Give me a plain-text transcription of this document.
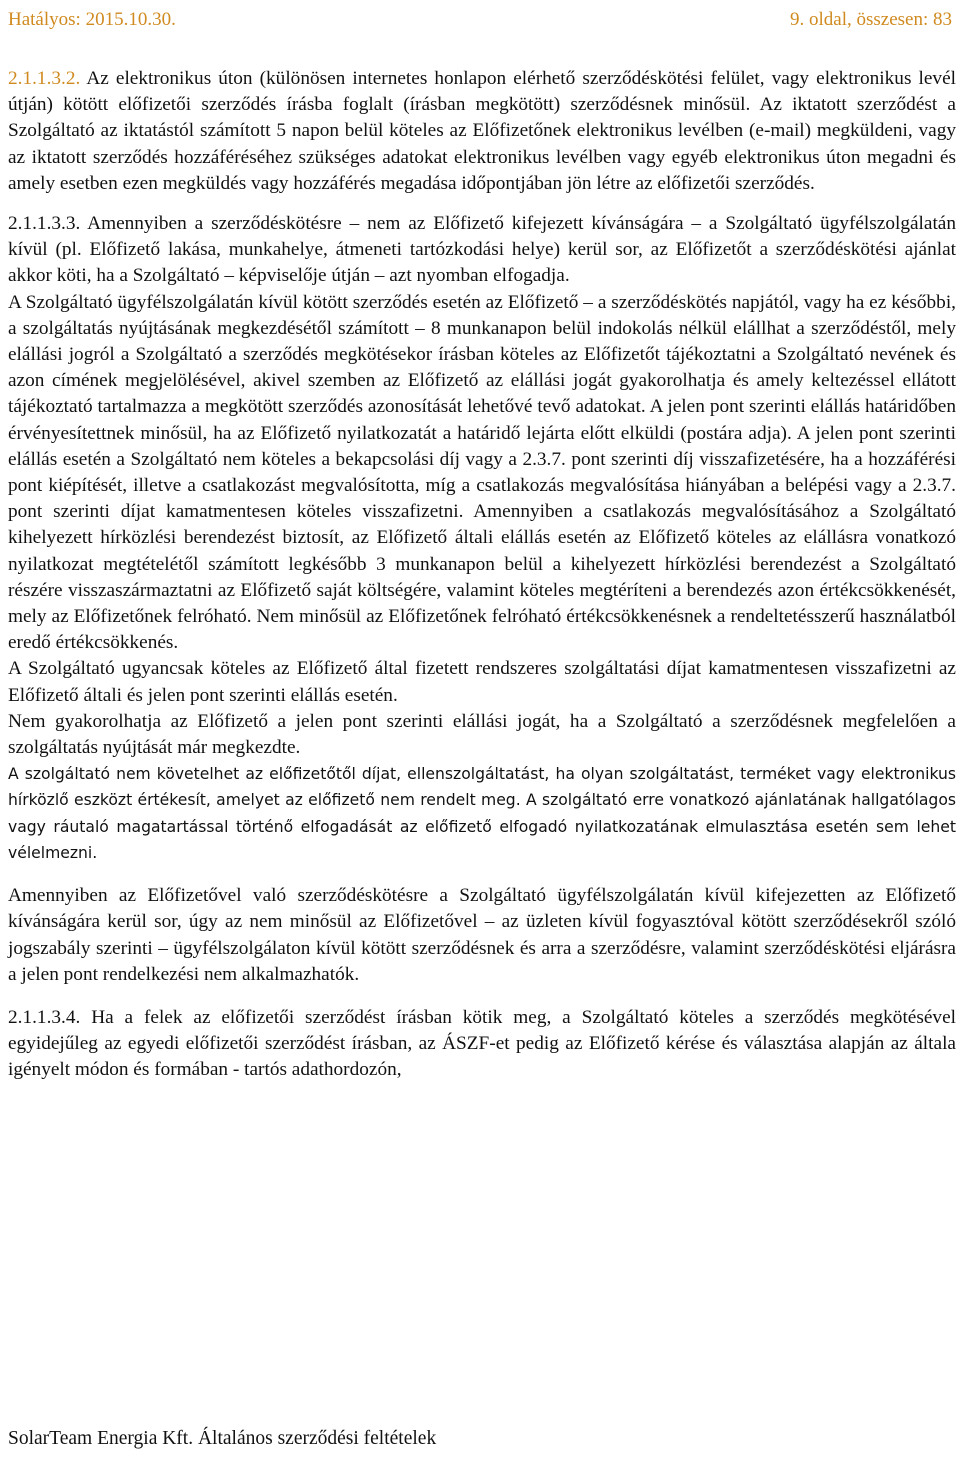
Hatályos: 2015.10.30.	9. oldal, összesen: 83

2.1.1.3.2. Az elektronikus úton (különösen internetes honlapon elérhető szerződéskötési felület, vagy elektronikus levél útján) kötött előfizetői szerződés írásba foglalt (írásban megkötött) szerződésnek minősül. Az iktatott szerződést a Szolgáltató az iktatástól számított 5 napon belül köteles az Előfizetőnek elektronikus levélben (e-mail) megküldeni, vagy az iktatott szerződés hozzáféréséhez szükséges adatokat elektronikus levélben vagy egyéb elektronikus úton megadni és amely esetben ezen megküldés vagy hozzáférés megadása időpontjában jön létre az előfizetői szerződés.

2.1.1.3.3. Amennyiben a szerződéskötésre – nem az Előfizető kifejezett kívánságára – a Szolgáltató ügyfélszolgálatán kívül (pl. Előfizető lakása, munkahelye, átmeneti tartózkodási helye) kerül sor, az Előfizetőt a szerződéskötési ajánlat akkor köti, ha a Szolgáltató – képviselője útján – azt nyomban elfogadja.

A Szolgáltató ügyfélszolgálatán kívül kötött szerződés esetén az Előfizető – a szerződéskötés napjától, vagy ha ez későbbi, a szolgáltatás nyújtásának megkezdésétől számított – 8 munkanapon belül indokolás nélkül elállhat a szerződéstől, mely elállási jogról a Szolgáltató a szerződés megkötésekor írásban köteles az Előfizetőt tájékoztatni a Szolgáltató nevének és azon címének megjelölésével, akivel szemben az Előfizető az elállási jogát gyakorolhatja és amely keltezéssel ellátott tájékoztató tartalmazza a megkötött szerződés azonosítását lehetővé tevő adatokat. A jelen pont szerinti elállás határidőben érvényesítettnek minősül, ha az Előfizető nyilatkozatát a határidő lejárta előtt elküldi (postára adja). A jelen pont szerinti elállás esetén a Szolgáltató nem köteles a bekapcsolási díj vagy a 2.3.7. pont szerinti díj visszafizetésére, ha a hozzáférési pont kiépítését, illetve a csatlakozást megvalósította, míg a csatlakozás megvalósítása hiányában a belépési vagy a 2.3.7. pont szerinti díjat kamatmentesen köteles visszafizetni. Amennyiben a csatlakozás megvalósításához a Szolgáltató kihelyezett hírközlési berendezést biztosít, az Előfizető általi elállás esetén az Előfizető köteles az elállásra vonatkozó nyilatkozat megtételétől számított legkésőbb 3 munkanapon belül a kihelyezett hírközlési berendezést a Szolgáltató részére visszaszármaztatni az Előfizető saját költségére, valamint köteles megtéríteni a berendezés azon értékcsökkenését, mely az Előfizetőnek felróható. Nem minősül az Előfizetőnek felróható értékcsökkenésnek a rendeltetésszerű használatból eredő értékcsökkenés.

A Szolgáltató ugyancsak köteles az Előfizető által fizetett rendszeres szolgáltatási díjat kamatmentesen visszafizetni az Előfizető általi és jelen pont szerinti elállás esetén.

Nem gyakorolhatja az Előfizető a jelen pont szerinti elállási jogát, ha a Szolgáltató a szerződésnek megfelelően a szolgáltatás nyújtását már megkezdte.

A szolgáltató nem követelhet az előfizetőtől díjat, ellenszolgáltatást, ha olyan szolgáltatást, terméket vagy elektronikus hírközlő eszközt értékesít, amelyet az előfizető nem rendelt meg. A szolgáltató erre vonatkozó ajánlatának hallgatólagos vagy ráutaló magatartással történő elfogadását az előfizető elfogadó nyilatkozatának elmulasztása esetén sem lehet vélelmezni.

Amennyiben az Előfizetővel való szerződéskötésre a Szolgáltató ügyfélszolgálatán kívül kifejezetten az Előfizető kívánságára kerül sor, úgy az nem minősül az Előfizetővel – az üzleten kívül fogyasztóval kötött szerződésekről szóló jogszabály szerinti – ügyfélszolgálaton kívül kötött szerződésnek és arra a szerződésre, valamint szerződéskötési eljárásra a jelen pont rendelkezési nem alkalmazhatók.

2.1.1.3.4. Ha a felek az előfizetői szerződést írásban kötik meg, a Szolgáltató köteles a szerződés megkötésével egyidejűleg az egyedi előfizetői szerződést írásban, az ÁSZF-et pedig az Előfizető kérése és választása alapján az általa igényelt módon és formában - tartós adathordozón,

SolarTeam Energia Kft. Általános szerződési feltételek
